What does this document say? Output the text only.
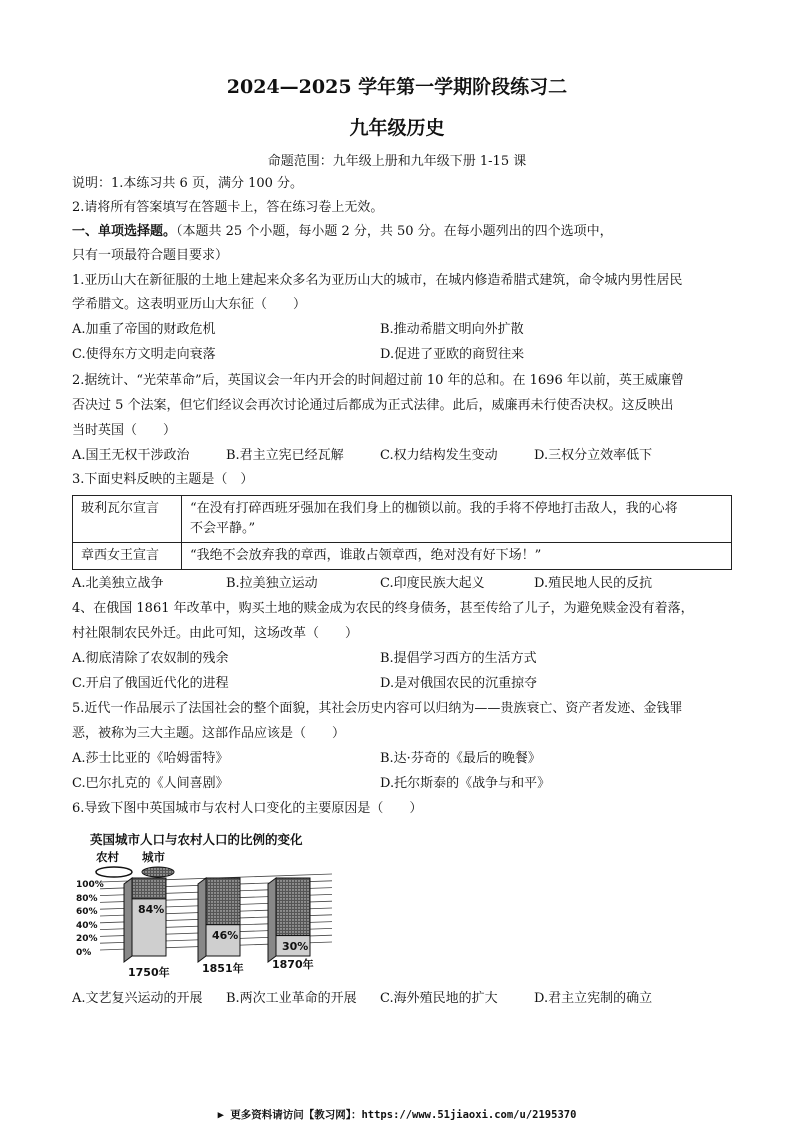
2024—2025 学年第一学期阶段练习二
九年级历史
命题范围：九年级上册和九年级下册 1-15 课
说明：1.本练习共 6 页，满分 100 分。
2.请将所有答案填写在答题卡上，答在练习卷上无效。
一、单项选择题。（本题共 25 个小题，每小题 2 分，共 50 分。在每小题列出的四个选项中，
只有一项最符合题目要求）
1.亚历山大在新征服的土地上建起来众多名为亚历山大的城市，在城内修造希腊式建筑，命令城内男性居民
学希腊文。这表明亚历山大东征（　　）
A.加重了帝国的财政危机	B.推动希腊文明向外扩散
C.使得东方文明走向衰落	D.促进了亚欧的商贸往来
2.据统计、“光荣革命”后，英国议会一年内开会的时间超过前 10 年的总和。在 1696 年以前，英王威廉曾
否决过 5 个法案，但它们经议会再次讨论通过后都成为正式法律。此后，威廉再未行使否决权。这反映出
当时英国（　　）
A.国王无权干涉政治	B.君主立宪已经瓦解	C.权力结构发生变动	D.三权分立效率低下
3.下面史料反映的主题是（　）
玻利瓦尔宣言	“在没有打碎西班牙强加在我们身上的枷锁以前。我的手将不停地打击敌人，我的心将
不会平静。”

章西女王宣言	“我绝不会放弃我的章西，谁敢占领章西，绝对没有好下场！”
A.北美独立战争	B.拉美独立运动	C.印度民族大起义	D.殖民地人民的反抗
4、在俄国 1861 年改革中，购买土地的赎金成为农民的终身债务，甚至传给了儿子，为避免赎金没有着落，
村社限制农民外迁。由此可知，这场改革（　　）
A.彻底清除了农奴制的残余	B.提倡学习西方的生活方式
C.开启了俄国近代化的进程	D.是对俄国农民的沉重掠夺
5.近代一作品展示了法国社会的整个面貌，其社会历史内容可以归纳为——贵族衰亡、资产者发迹、金钱罪
恶，被称为三大主题。这部作品应该是（　　）
A.莎士比亚的《哈姆雷特》	B.达·芬奇的《最后的晚餐》
C.巴尔扎克的《人间喜剧》	D.托尔斯泰的《战争与和平》
6.导致下图中英国城市与农村人口变化的主要原因是（　　）
英国城市人口与农村人口的比例的变化
农村 城市
100%
80%
60%
40%
20%
0%
84%
1750年
46%
1851年
30%
1870年
A.文艺复兴运动的开展 B.两次工业革命的开展 C.海外殖民地的扩大	D.君主立宪制的确立
▶ 更多资料请访问【教习网】：https://www.51jiaoxi.com/u/2195370
